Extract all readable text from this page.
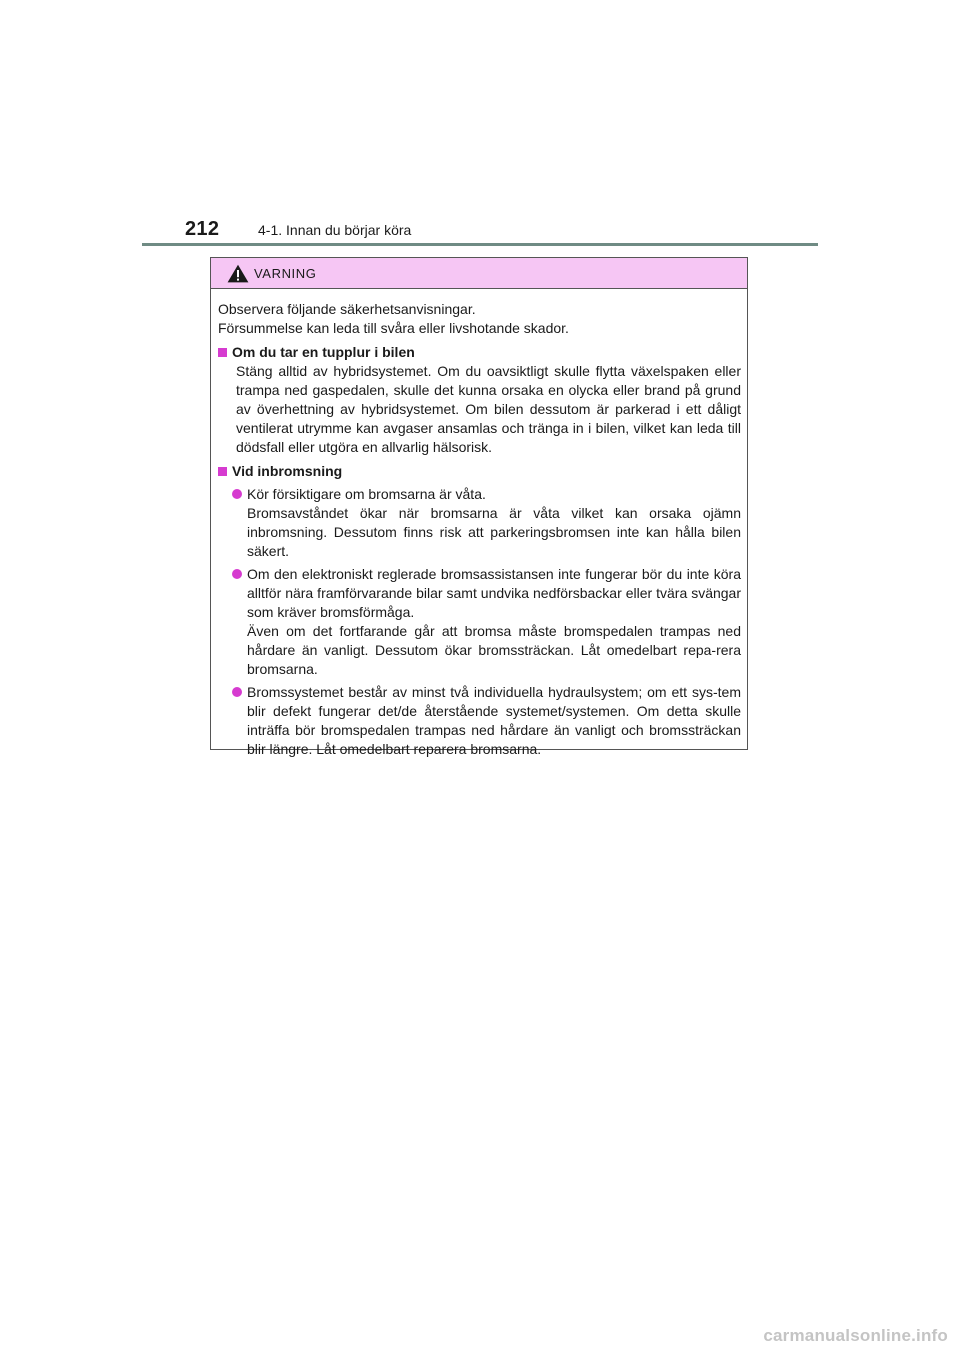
212	4-1. Innan du börjar köra
VARNING

Observera följande säkerhetsanvisningar.

Försummelse kan leda till svåra eller livshotande skador.

Om du tar en tupplur i bilen

Stäng alltid av hybridsystemet. Om du oavsiktligt skulle flytta växelspaken eller trampa ned gaspedalen, skulle det kunna orsaka en olycka eller brand på grund av överhettning av hybridsystemet. Om bilen dessutom är parkerad i ett dåligt ventilerat utrymme kan avgaser ansamlas och tränga in i bilen, vilket kan leda till dödsfall eller utgöra en allvarlig hälsorisk.

Vid inbromsning

Kör försiktigare om bromsarna är våta.

Bromsavståndet ökar när bromsarna är våta vilket kan orsaka ojämn inbromsning. Dessutom finns risk att parkeringsbromsen inte kan hålla bilen säkert.

Om den elektroniskt reglerade bromsassistansen inte fungerar bör du inte köra alltför nära framförvarande bilar samt undvika nedförsbackar eller tvära svängar som kräver bromsförmåga.

Även om det fortfarande går att bromsa måste bromspedalen trampas ned hårdare än vanligt. Dessutom ökar bromssträckan. Låt omedelbart repa-rera bromsarna.

Bromssystemet består av minst två individuella hydraulsystem; om ett sys-tem blir defekt fungerar det/de återstående systemet/systemen. Om detta skulle inträffa bör bromspedalen trampas ned hårdare än vanligt och bromssträckan blir längre. Låt omedelbart reparera bromsarna.

carmanualsonline.info
